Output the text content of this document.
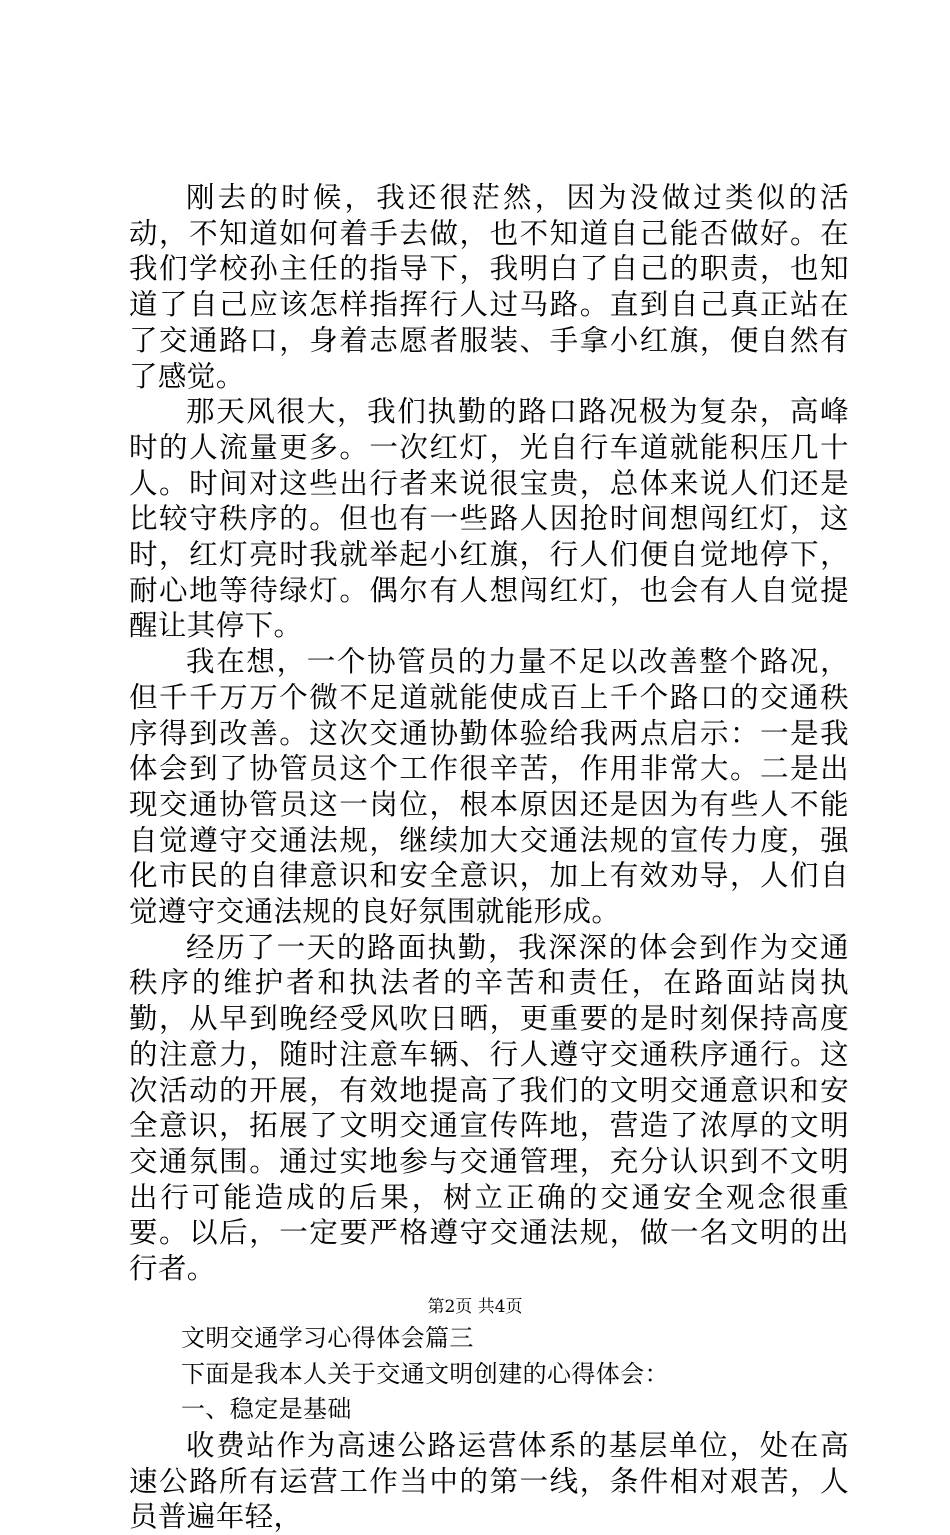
刚去的时候，我还很茫然，因为没做过类似的活动，不知道如何着手去做，也不知道自己能否做好。在我们学校孙主任的指导下，我明白了自己的职责，也知道了自己应该怎样指挥行人过马路。直到自己真正站在了交通路口，身着志愿者服装、手拿小红旗，便自然有了感觉。

那天风很大，我们执勤的路口路况极为复杂，高峰时的人流量更多。一次红灯，光自行车道就能积压几十人。时间对这些出行者来说很宝贵，总体来说人们还是比较守秩序的。但也有一些路人因抢时间想闯红灯，这时，红灯亮时我就举起小红旗，行人们便自觉地停下，耐心地等待绿灯。偶尔有人想闯红灯，也会有人自觉提醒让其停下。

我在想，一个协管员的力量不足以改善整个路况，但千千万万个微不足道就能使成百上千个路口的交通秩序得到改善。这次交通协勤体验给我两点启示：一是我体会到了协管员这个工作很辛苦，作用非常大。二是出现交通协管员这一岗位，根本原因还是因为有些人不能自觉遵守交通法规，继续加大交通法规的宣传力度，强化市民的自律意识和安全意识，加上有效劝导，人们自觉遵守交通法规的良好氛围就能形成。

经历了一天的路面执勤，我深深的体会到作为交通秩序的维护者和执法者的辛苦和责任，在路面站岗执勤，从早到晚经受风吹日晒，更重要的是时刻保持高度的注意力，随时注意车辆、行人遵守交通秩序通行。这次活动的开展，有效地提高了我们的文明交通意识和安全意识，拓展了文明交通宣传阵地，营造了浓厚的文明交通氛围。通过实地参与交通管理，充分认识到不文明出行可能造成的后果，树立正确的交通安全观念很重要。以后，一定要严格遵守交通法规，做一名文明的出行者。

文明交通学习心得体会篇三

下面是我本人关于交通文明创建的心得体会：

一、稳定是基础

收费站作为高速公路运营体系的基层单位，处在高速公路所有运营工作当中的第一线，条件相对艰苦，人员普遍年轻，

第2页 共4页
